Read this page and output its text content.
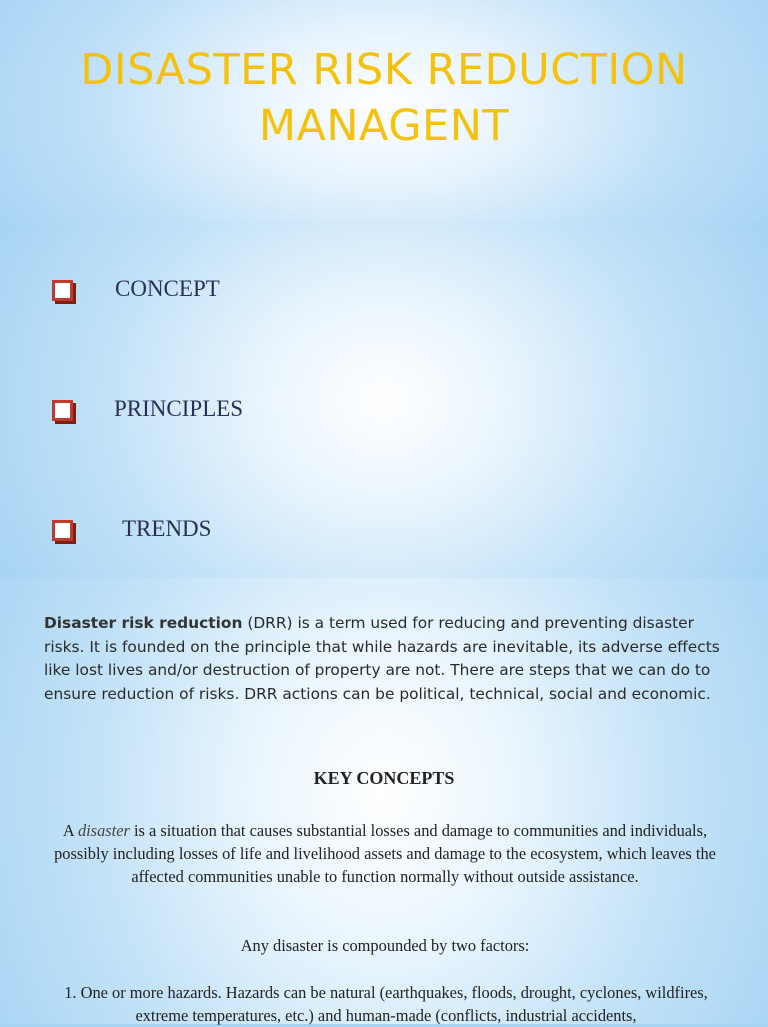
DISASTER RISK REDUCTION MANAGENT
CONCEPT
PRINCIPLES
TRENDS

Disaster risk reduction (DRR) is a term used for reducing and preventing disaster risks. It is founded on the principle that while hazards are inevitable, its adverse effects like lost lives and/or destruction of property are not. There are steps that we can do to ensure reduction of risks. DRR actions can be political, technical, social and economic.

KEY CONCEPTS

A disaster is a situation that causes substantial losses and damage to communities and individuals, possibly including losses of life and livelihood assets and damage to the ecosystem, which leaves the affected communities unable to function normally without outside assistance.

Any disaster is compounded by two factors:

1. One or more hazards. Hazards can be natural (earthquakes, floods, drought, cyclones, wildfires, extreme temperatures, etc.) and human-made (conflicts, industrial accidents,
